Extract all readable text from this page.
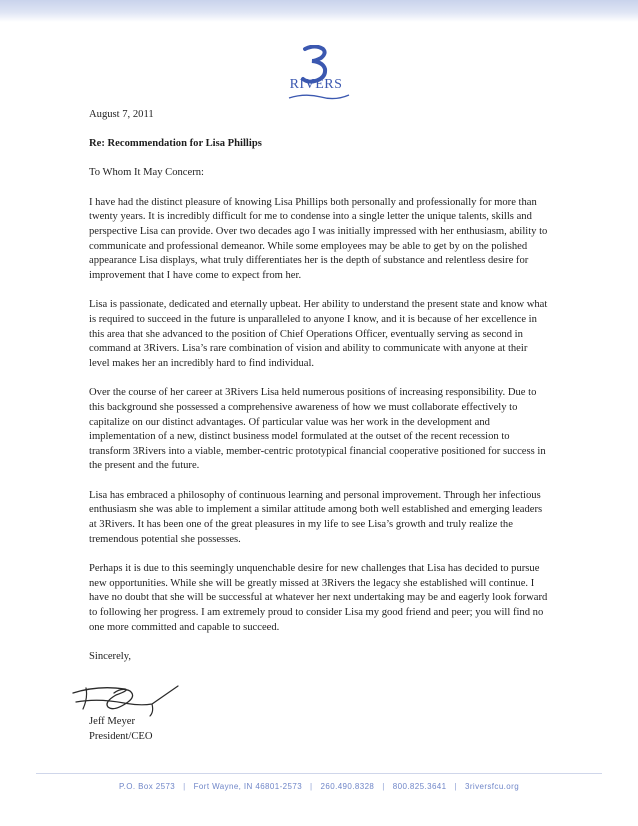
RIVERS

August 7, 2011

Re: Recommendation for Lisa Phillips

To Whom It May Concern:

I have had the distinct pleasure of knowing Lisa Phillips both personally and professionally for more than twenty years. It is incredibly difficult for me to condense into a single letter the unique talents, skills and perspective Lisa can provide. Over two decades ago I was initially impressed with her enthusiasm, ability to communicate and professional demeanor. While some employees may be able to get by on the polished appearance Lisa displays, what truly differentiates her is the depth of substance and relentless desire for improvement that I have come to expect from her.

Lisa is passionate, dedicated and eternally upbeat. Her ability to understand the present state and know what is required to succeed in the future is unparalleled to anyone I know, and it is because of her excellence in this area that she advanced to the position of Chief Operations Officer, eventually serving as second in command at 3Rivers. Lisa’s rare combination of vision and ability to communicate with anyone at their level makes her an incredibly hard to find individual.

Over the course of her career at 3Rivers Lisa held numerous positions of increasing responsibility. Due to this background she possessed a comprehensive awareness of how we must collaborate effectively to capitalize on our distinct advantages. Of particular value was her work in the development and implementation of a new, distinct business model formulated at the outset of the recent recession to transform 3Rivers into a viable, member-centric prototypical financial cooperative positioned for success in the present and the future.

Lisa has embraced a philosophy of continuous learning and personal improvement. Through her infectious enthusiasm she was able to implement a similar attitude among both well established and emerging leaders at 3Rivers. It has been one of the great pleasures in my life to see Lisa’s growth and truly realize the tremendous potential she possesses.

Perhaps it is due to this seemingly unquenchable desire for new challenges that Lisa has decided to pursue new opportunities. While she will be greatly missed at 3Rivers the legacy she established will continue. I have no doubt that she will be successful at whatever her next undertaking may be and eagerly look forward to following her progress. I am extremely proud to consider Lisa my good friend and peer; you will find no one more committed and capable to succeed.

Sincerely,

Jeff Meyer
President/CEO
P.O. Box 2573 | Fort Wayne, IN 46801-2573 | 260.490.8328 | 800.825.3641 | 3riversfcu.org
